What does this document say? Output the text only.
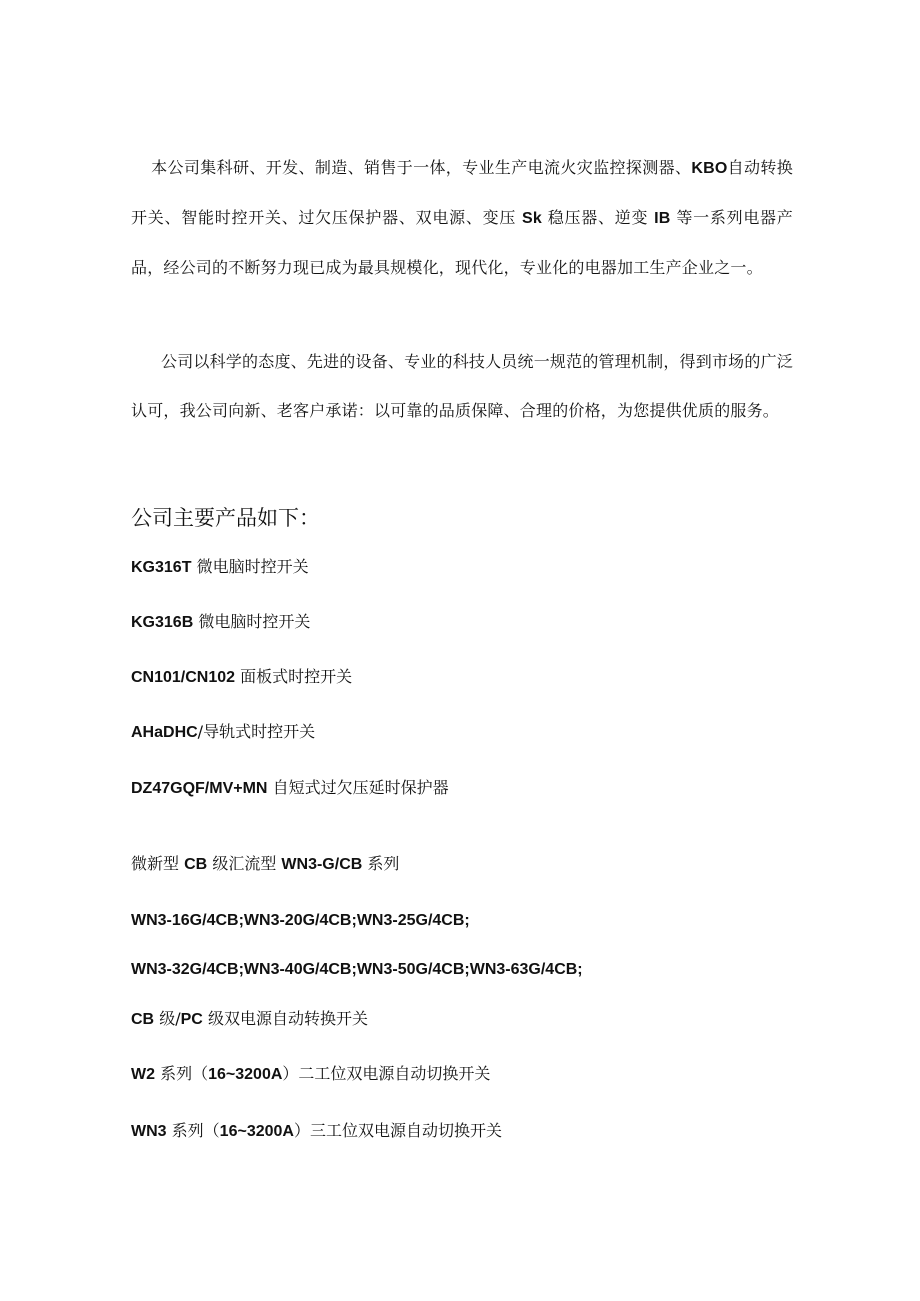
本公司集科研、开发、制造、销售于一体，专业生产电流火灾监控探测器、KBO自动转换开关、智能时控开关、过欠压保护器、双电源、变压 Sk 稳压器、逆变 IB 等一系列电器产品，经公司的不断努力现已成为最具规模化，现代化，专业化的电器加工生产企业之一。

公司以科学的态度、先进的设备、专业的科技人员统一规范的管理机制，得到市场的广泛认可，我公司向新、老客户承诺：以可靠的品质保障、合理的价格，为您提供优质的服务。

公司主要产品如下：

KG316T 微电脑时控开关

KG316B 微电脑时控开关

CN101/CN102 面板式时控开关

AHaDHC/导轨式时控开关

DZ47GQF/MV+MN 自短式过欠压延时保护器

微新型 CB 级汇流型 WN3-G/CB 系列

WN3-16G/4CB;WN3-20G/4CB;WN3-25G/4CB;

WN3-32G/4CB;WN3-40G/4CB;WN3-50G/4CB;WN3-63G/4CB;

CB 级/PC 级双电源自动转换开关

W2 系列（16~3200A）二工位双电源自动切换开关

WN3 系列（16~3200A）三工位双电源自动切换开关
